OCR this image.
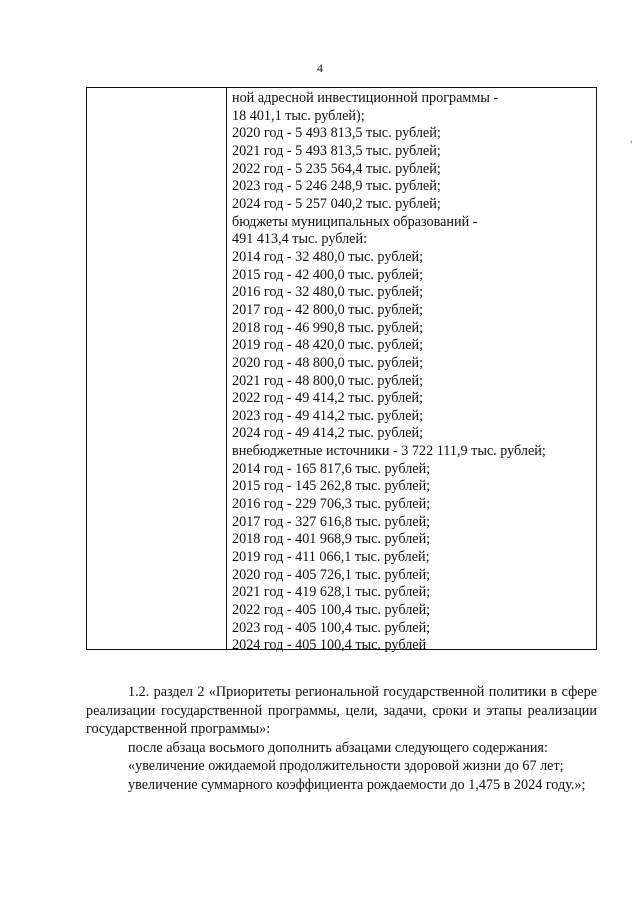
4
,
ной адресной инвестиционной программы -
18 401,1 тыс. рублей);
2020 год - 5 493 813,5 тыс. рублей;
2021 год - 5 493 813,5 тыс. рублей;
2022 год - 5 235 564,4 тыс. рублей;
2023 год - 5 246 248,9 тыс. рублей;
2024 год - 5 257 040,2 тыс. рублей;
бюджеты муниципальных образований -
491 413,4 тыс. рублей:
2014 год - 32 480,0 тыс. рублей;
2015 год - 42 400,0 тыс. рублей;
2016 год - 32 480,0 тыс. рублей;
2017 год - 42 800,0 тыс. рублей;
2018 год - 46 990,8 тыс. рублей;
2019 год - 48 420,0 тыс. рублей;
2020 год - 48 800,0 тыс. рублей;
2021 год - 48 800,0 тыс. рублей;
2022 год - 49 414,2 тыс. рублей;
2023 год - 49 414,2 тыс. рублей;
2024 год - 49 414,2 тыс. рублей;
внебюджетные источники - 3 722 111,9 тыс. рублей;
2014 год - 165 817,6 тыс. рублей;
2015 год - 145 262,8 тыс. рублей;
2016 год - 229 706,3 тыс. рублей;
2017 год - 327 616,8 тыс. рублей;
2018 год - 401 968,9 тыс. рублей;
2019 год - 411 066,1 тыс. рублей;
2020 год - 405 726,1 тыс. рублей;
2021 год - 419 628,1 тыс. рублей;
2022 год - 405 100,4 тыс. рублей;
2023 год - 405 100,4 тыс. рублей;
2024 год - 405 100,4 тыс. рублей

1.2. раздел 2 «Приоритеты региональной государственной политики в сфере реализации государственной программы, цели, задачи, сроки и этапы реализации государственной программы»:

после абзаца восьмого дополнить абзацами следующего содержания:

«увеличение ожидаемой продолжительности здоровой жизни до 67 лет;

увеличение суммарного коэффициента рождаемости до 1,475 в 2024 году.»;
